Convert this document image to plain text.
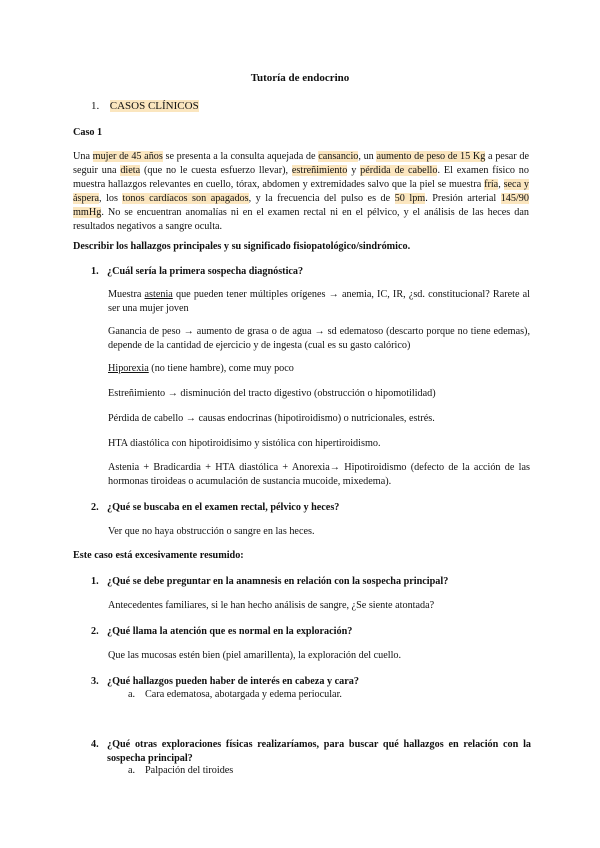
Tutoría de endocrino
1. CASOS CLÍNICOS
Caso 1
Una mujer de 45 años se presenta a la consulta aquejada de cansancio, un aumento de peso de 15 Kg a pesar de seguir una dieta (que no le cuesta esfuerzo llevar), estreñimiento y pérdida de cabello. El examen físico no muestra hallazgos relevantes en cuello, tórax, abdomen y extremidades salvo que la piel se muestra fría, seca y áspera, los tonos cardíacos son apagados, y la frecuencia del pulso es de 50 lpm. Presión arterial 145/90 mmHg. No se encuentran anomalías ni en el examen rectal ni en el pélvico, y el análisis de las heces dan resultados negativos a sangre oculta.
Describir los hallazgos principales y su significado fisiopatológico/sindrómico.
1. ¿Cuál sería la primera sospecha diagnóstica?
Muestra astenia que pueden tener múltiples orígenes → anemia, IC, IR, ¿sd. constitucional? Rarete al ser una mujer joven
Ganancia de peso → aumento de grasa o de agua → sd edematoso (descarto porque no tiene edemas), depende de la cantidad de ejercicio y de ingesta (cual es su gasto calórico)
Hiporexia (no tiene hambre), come muy poco
Estreñimiento → disminución del tracto digestivo (obstrucción o hipomotilidad)
Pérdida de cabello → causas endocrinas (hipotiroidismo) o nutricionales, estrés.
HTA diastólica con hipotiroidisimo y sistólica con hipertiroidismo.
Astenia + Bradicardia + HTA diastólica + Anorexia→ Hipotiroidismo (defecto de la acción de las hormonas tiroideas o acumulación de sustancia mucoide, mixedema).
2. ¿Qué se buscaba en el examen rectal, pélvico y heces?
Ver que no haya obstrucción o sangre en las heces.
Este caso está excesivamente resumido:
1. ¿Qué se debe preguntar en la anamnesis en relación con la sospecha principal?
Antecedentes familiares, si le han hecho análisis de sangre, ¿Se siente atontada?
2. ¿Qué llama la atención que es normal en la exploración?
Que las mucosas estén bien (piel amarillenta), la exploración del cuello.
3. ¿Qué hallazgos pueden haber de interés en cabeza y cara?
a. Cara edematosa, abotargada y edema periocular.
4. ¿Qué otras exploraciones físicas realizaríamos, para buscar qué hallazgos en relación con la sospecha principal?
a. Palpación del tiroides
